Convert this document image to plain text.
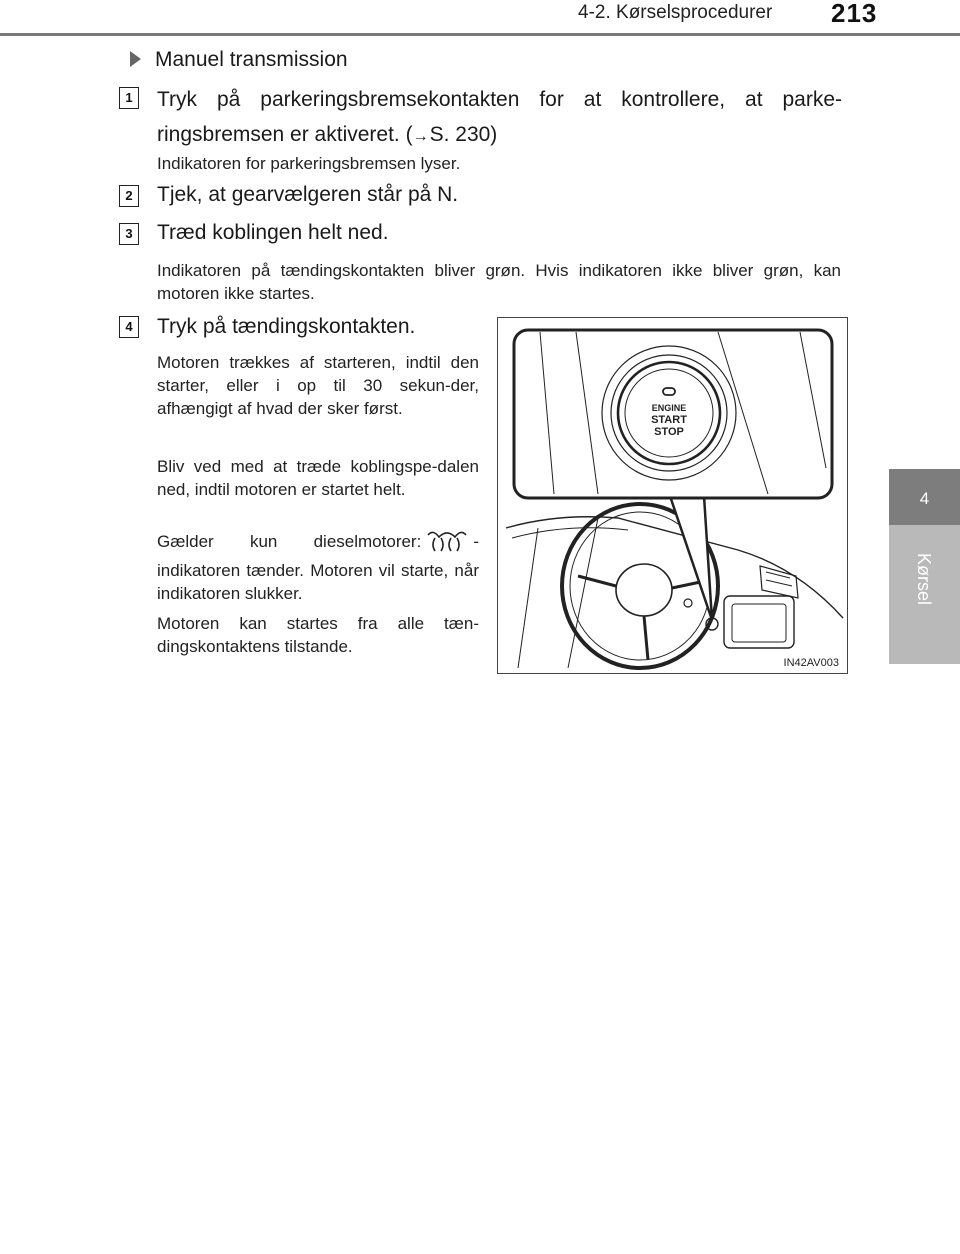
4-2. Kørselsprocedurer 213
4
Kørsel
Manuel transmission
1	Tryk på parkeringsbremsekontakten for at kontrollere, at parke-
ringsbremsen er aktiveret. (→S. 230)
Indikatoren for parkeringsbremsen lyser.
2	Tjek, at gearvælgeren står på N.
3	Træd koblingen helt ned.
Indikatoren på tændingskontakten bliver grøn. Hvis indikatoren ikke bliver grøn, kan motoren ikke startes.
4	Tryk på tændingskontakten.
Motoren trækkes af starteren, indtil den starter, eller i op til 30 sekun-der, afhængigt af hvad der sker først.
Bliv ved med at træde koblingspe-dalen ned, indtil motoren er startet helt.
Gælder kun dieselmotorer:	-indikatoren tænder. Motoren vil starte, når indikatoren slukker.
Motoren kan startes fra alle tæn-dingskontaktens tilstande.
ENGINE
START
STOP
IN42AV003
